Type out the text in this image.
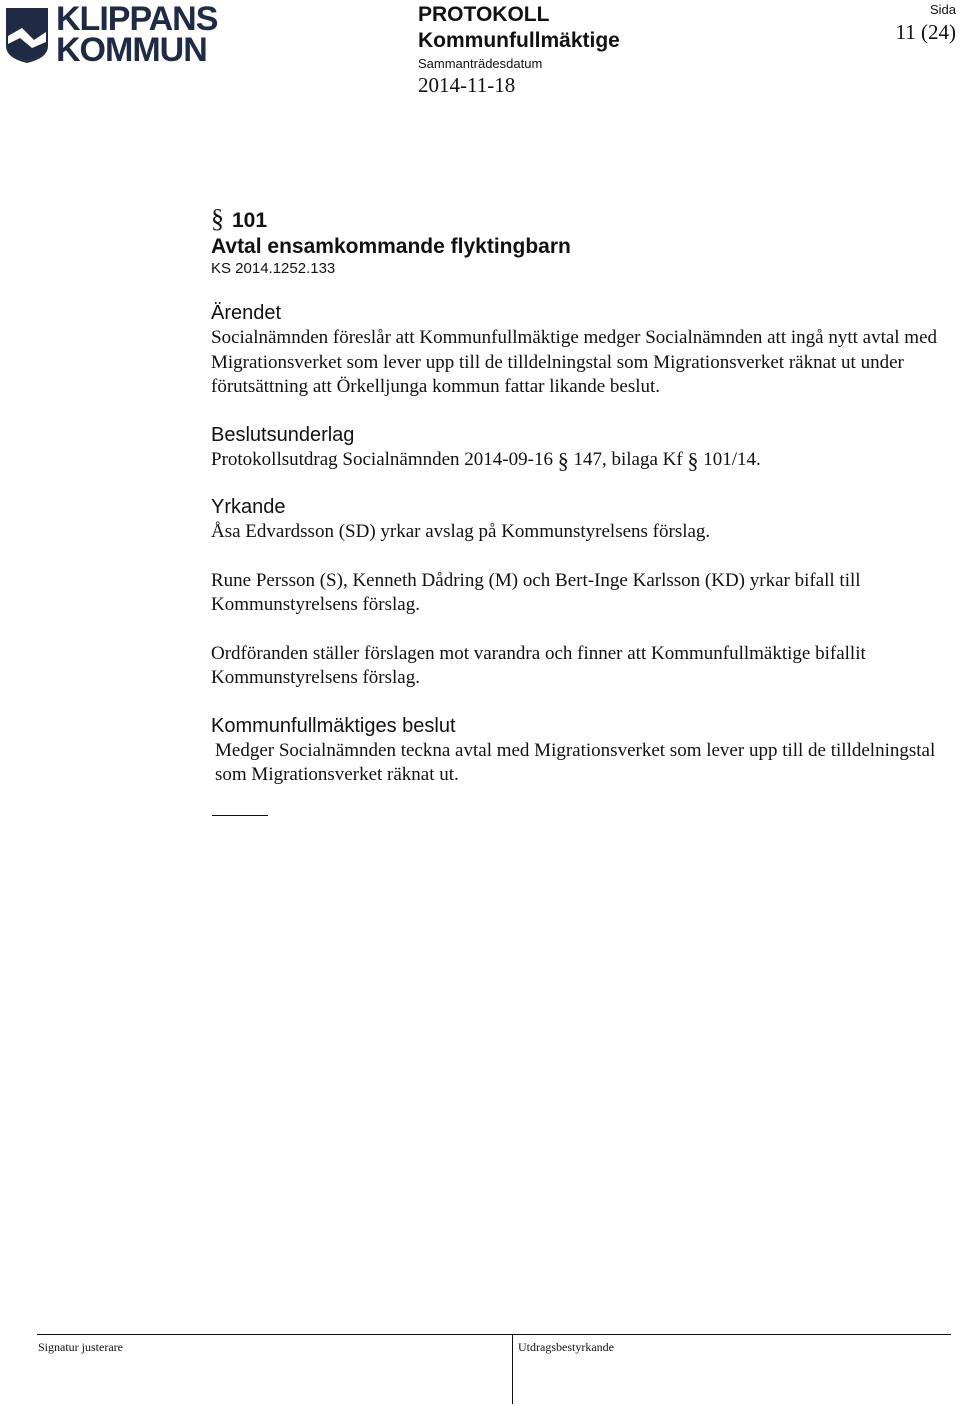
KLIPPANS
KOMMUN
PROTOKOLL
Kommunfullmäktige
Sammanträdesdatum
2014-11-18
Sida
11 (24)
§ 101
Avtal ensamkommande flyktingbarn
KS 2014.1252.133
Ärendet

Socialnämnden föreslår att Kommunfullmäktige medger Socialnämnden att ingå nytt avtal med Migrationsverket som lever upp till de tilldelningstal som Migrationsverket räknat ut under förutsättning att Örkelljunga kommun fattar likande beslut.

Beslutsunderlag

Protokollsutdrag Socialnämnden 2014-09-16 § 147, bilaga Kf § 101/14.

Yrkande

Åsa Edvardsson (SD) yrkar avslag på Kommunstyrelsens förslag.

Rune Persson (S), Kenneth Dådring (M) och Bert-Inge Karlsson (KD) yrkar bifall till Kommunstyrelsens förslag.

Ordföranden ställer förslagen mot varandra och finner att Kommunfullmäktige bifallit Kommunstyrelsens förslag.

Kommunfullmäktiges beslut

Medger Socialnämnden teckna avtal med Migrationsverket som lever upp till de tilldelningstal som Migrationsverket räknat ut.

Signatur justerare	Utdragsbestyrkande
